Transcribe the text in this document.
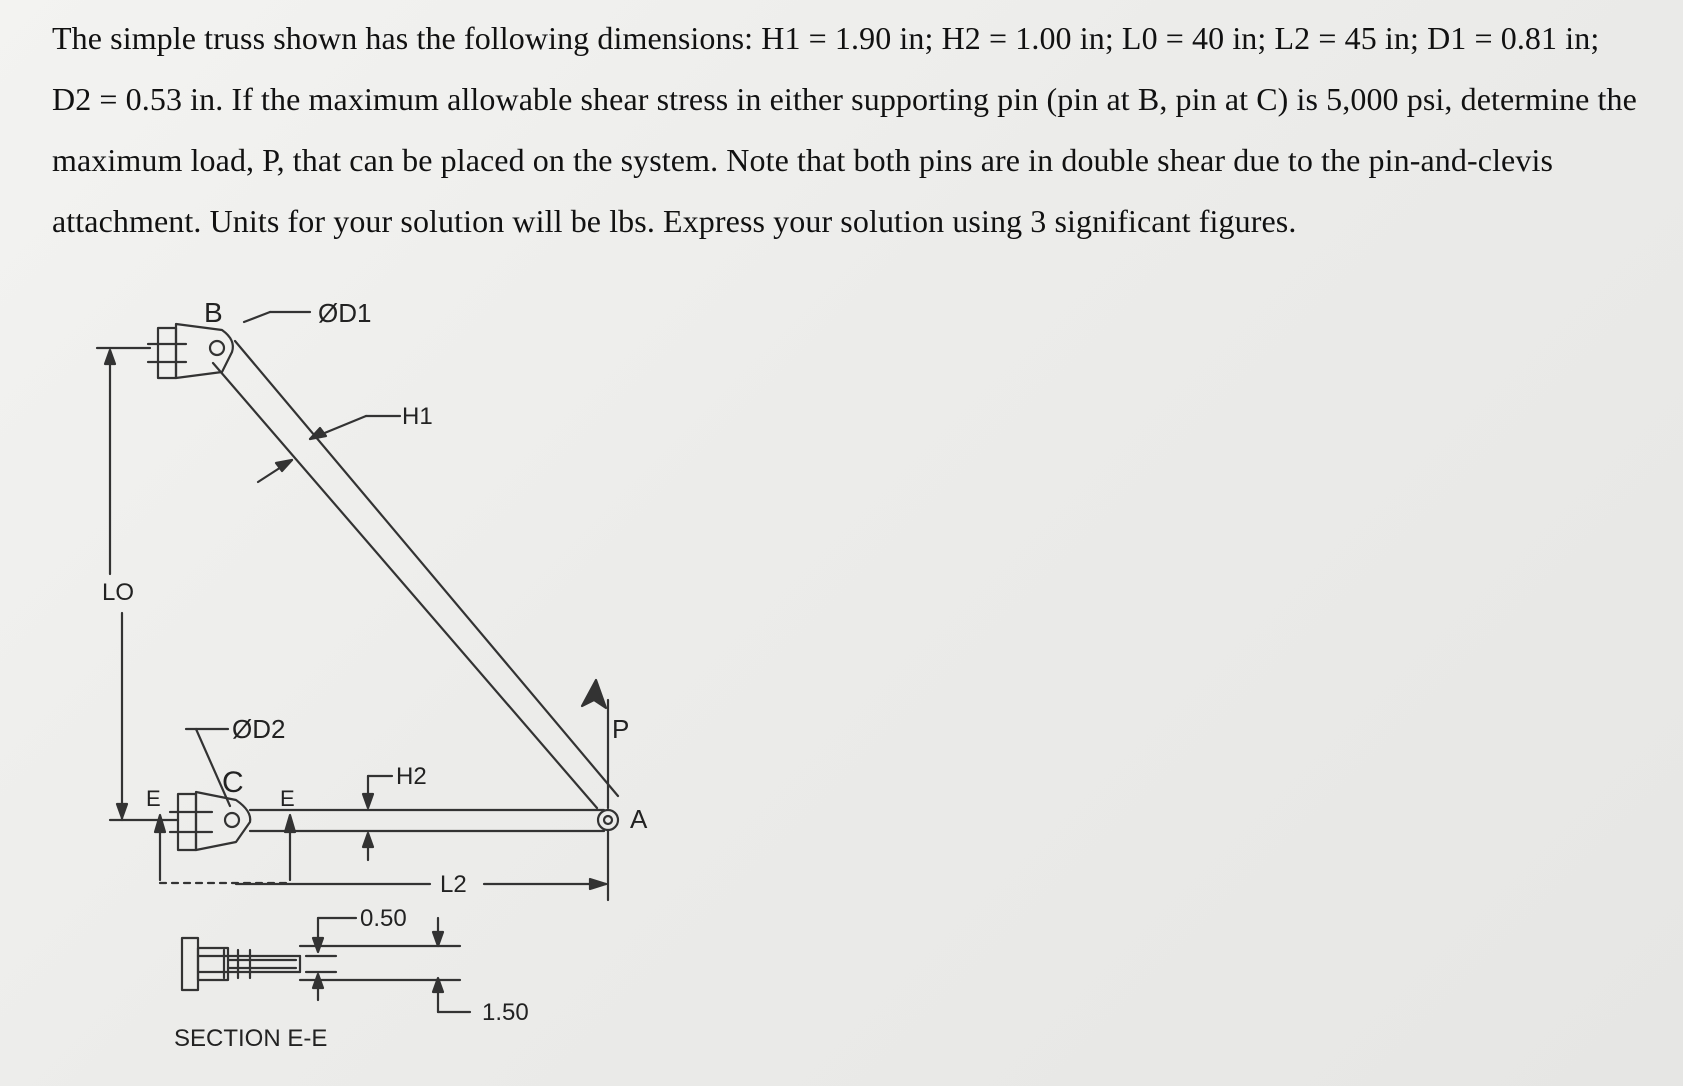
The simple truss shown has the following dimensions: H1 = 1.90 in; H2 = 1.00 in; L0 = 40 in; L2 = 45 in; D1 = 0.81 in; D2 = 0.53 in. If the maximum allowable shear stress in either supporting pin (pin at B, pin at C) is 5,000 psi, determine the maximum load, P, that can be placed on the system. Note that both pins are in double shear due to the pin-and-clevis attachment. Units for your solution will be lbs. Express your solution using 3 significant figures.

B	ØD1
H1
LO
ØD2
C
E	E
H2
P
A
L2
0.50
1.50
SECTION E-E
